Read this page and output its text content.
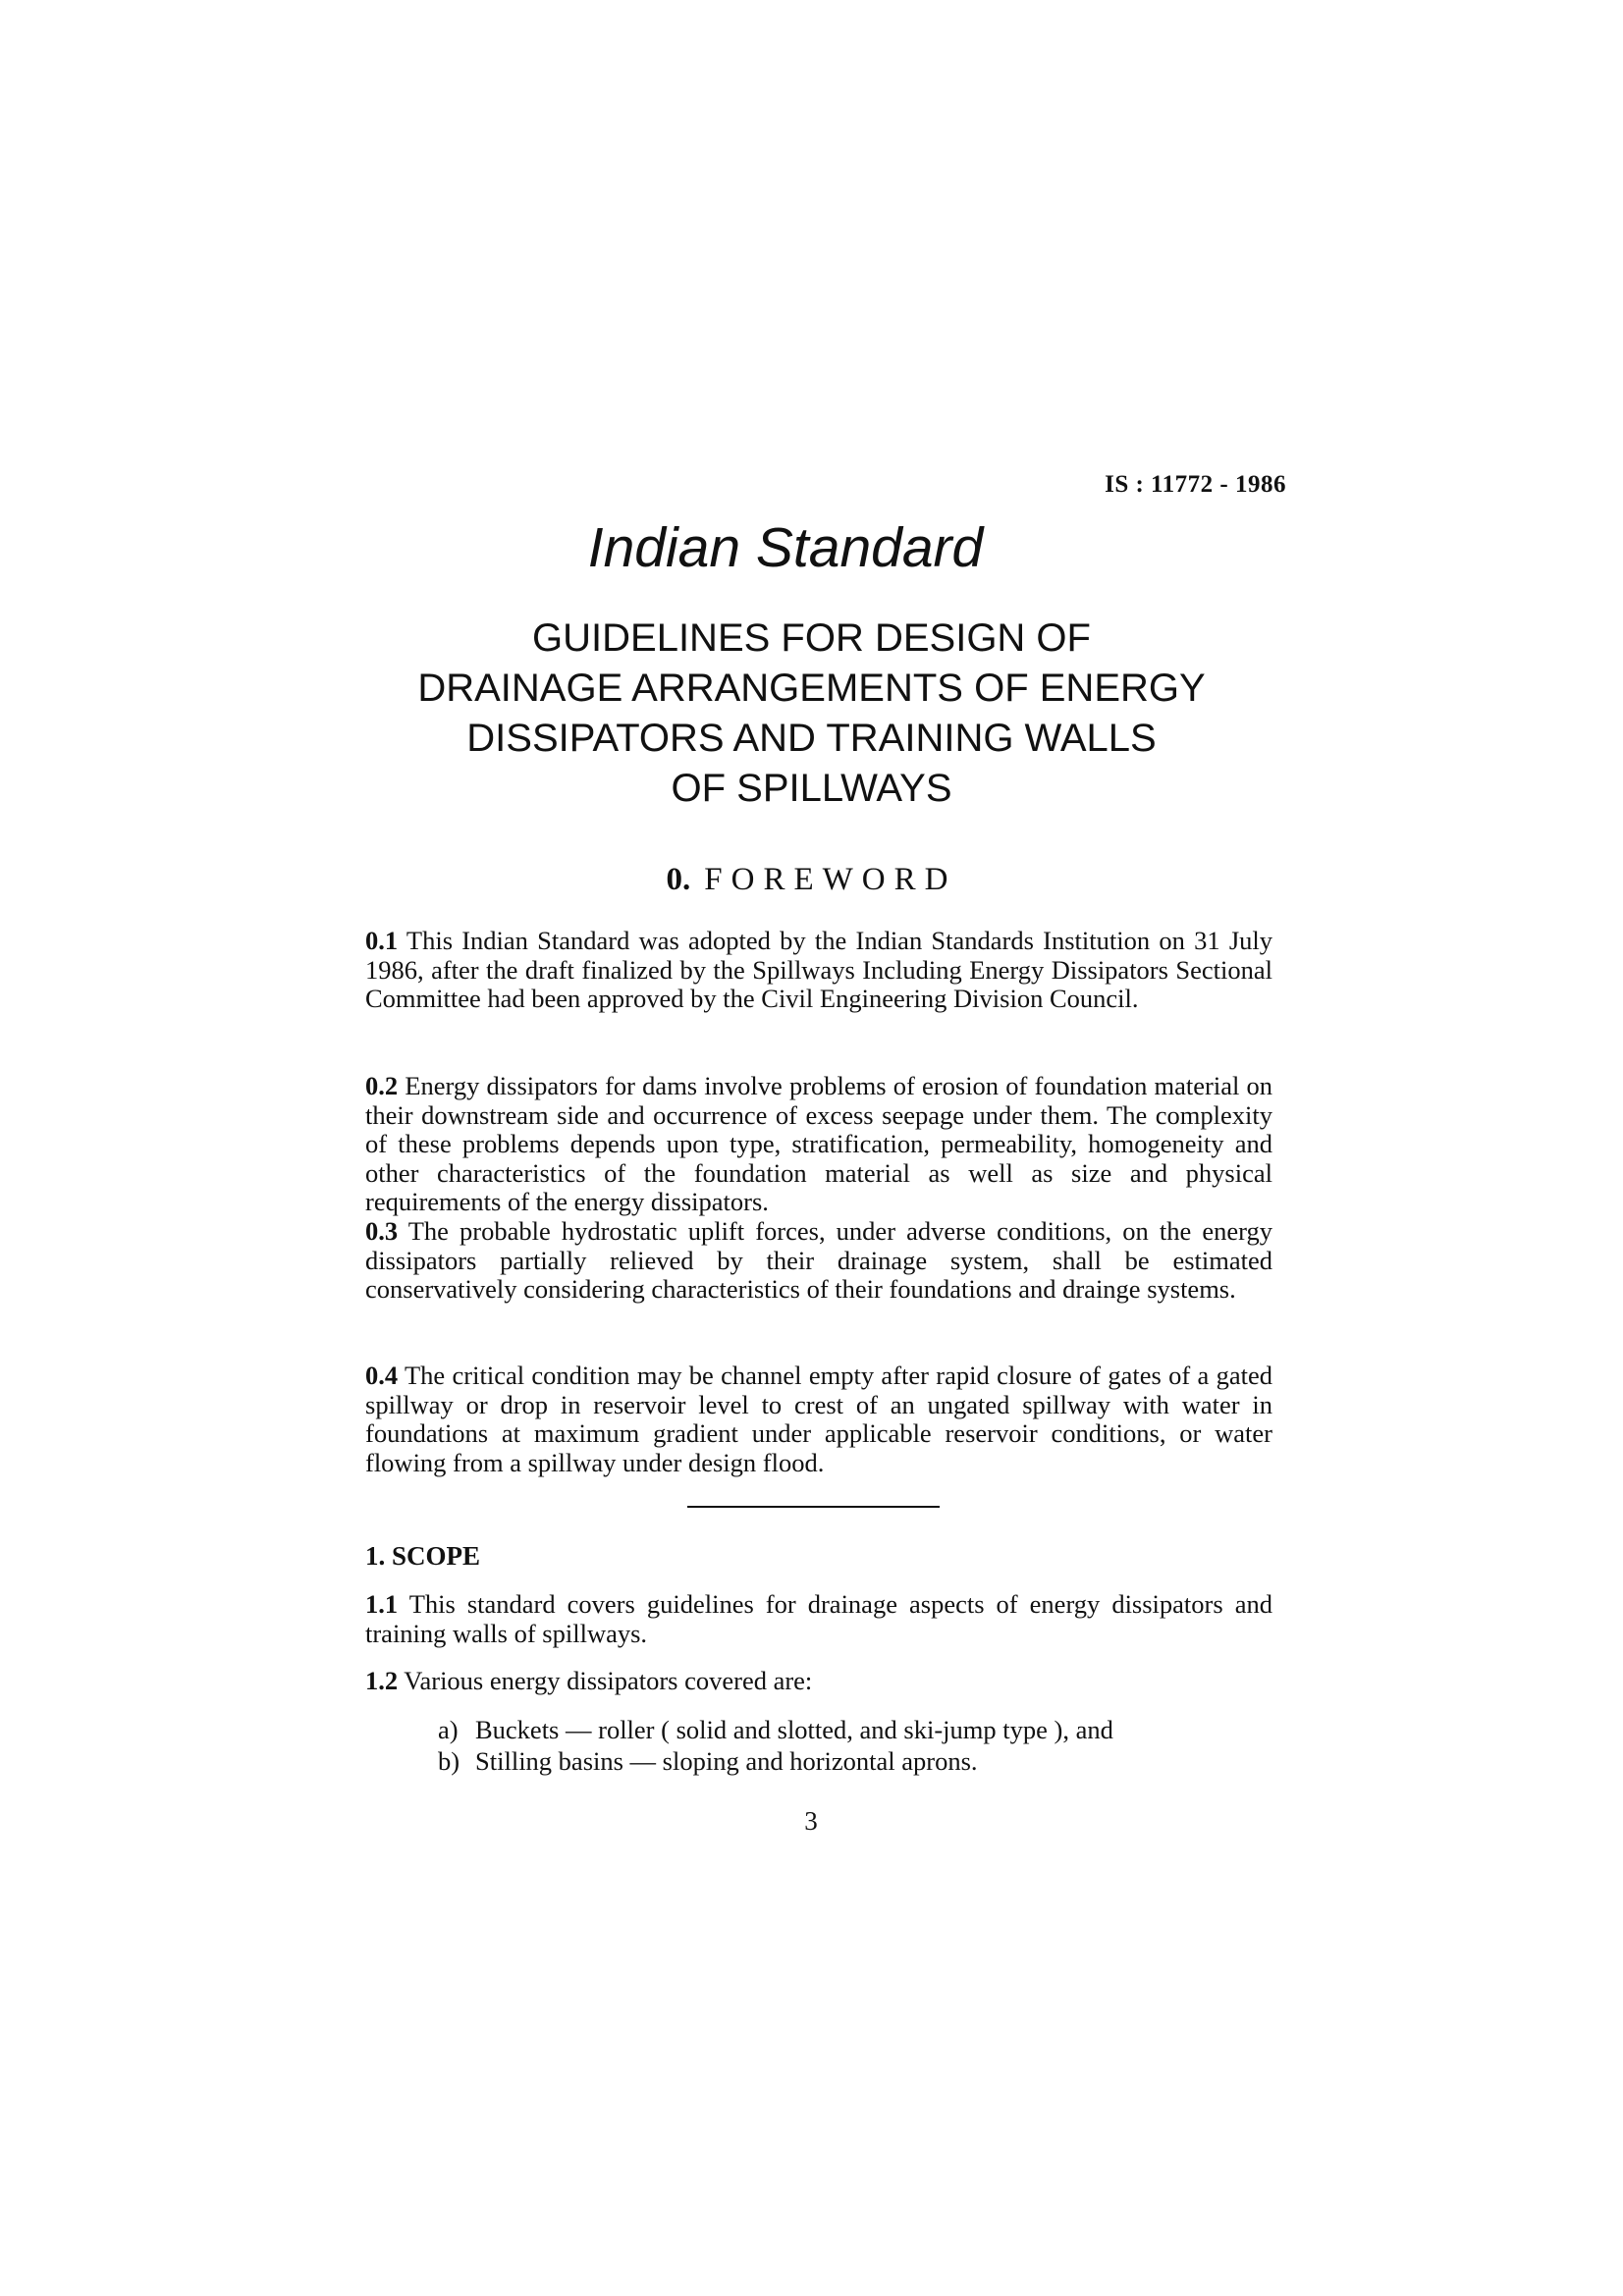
IS : 11772 - 1986
Indian Standard
GUIDELINES FOR DESIGN OF
DRAINAGE ARRANGEMENTS OF ENERGY
DISSIPATORS AND TRAINING WALLS
OF SPILLWAYS
0. FOREWORD

0.1 This Indian Standard was adopted by the Indian Standards Institution on 31 July 1986, after the draft finalized by the Spillways Including Energy Dissipators Sectional Committee had been approved by the Civil Engineering Division Council.

0.2 Energy dissipators for dams involve problems of erosion of foundation material on their downstream side and occurrence of excess seepage under them. The complexity of these problems depends upon type, stratification, permeability, homogeneity and other characteristics of the foundation material as well as size and physical requirements of the energy dissipators.

0.3 The probable hydrostatic uplift forces, under adverse conditions, on the energy dissipators partially relieved by their drainage system, shall be estimated conservatively considering characteristics of their foundations and drainge systems.

0.4 The critical condition may be channel empty after rapid closure of gates of a gated spillway or drop in reservoir level to crest of an ungated spillway with water in foundations at maximum gradient under applicable reservoir conditions, or water flowing from a spillway under design flood.

1. SCOPE

1.1 This standard covers guidelines for drainage aspects of energy dissipators and training walls of spillways.

1.2 Various energy dissipators covered are:

a) Buckets — roller ( solid and slotted, and ski-jump type ), and
b) Stilling basins — sloping and horizontal aprons.
3
